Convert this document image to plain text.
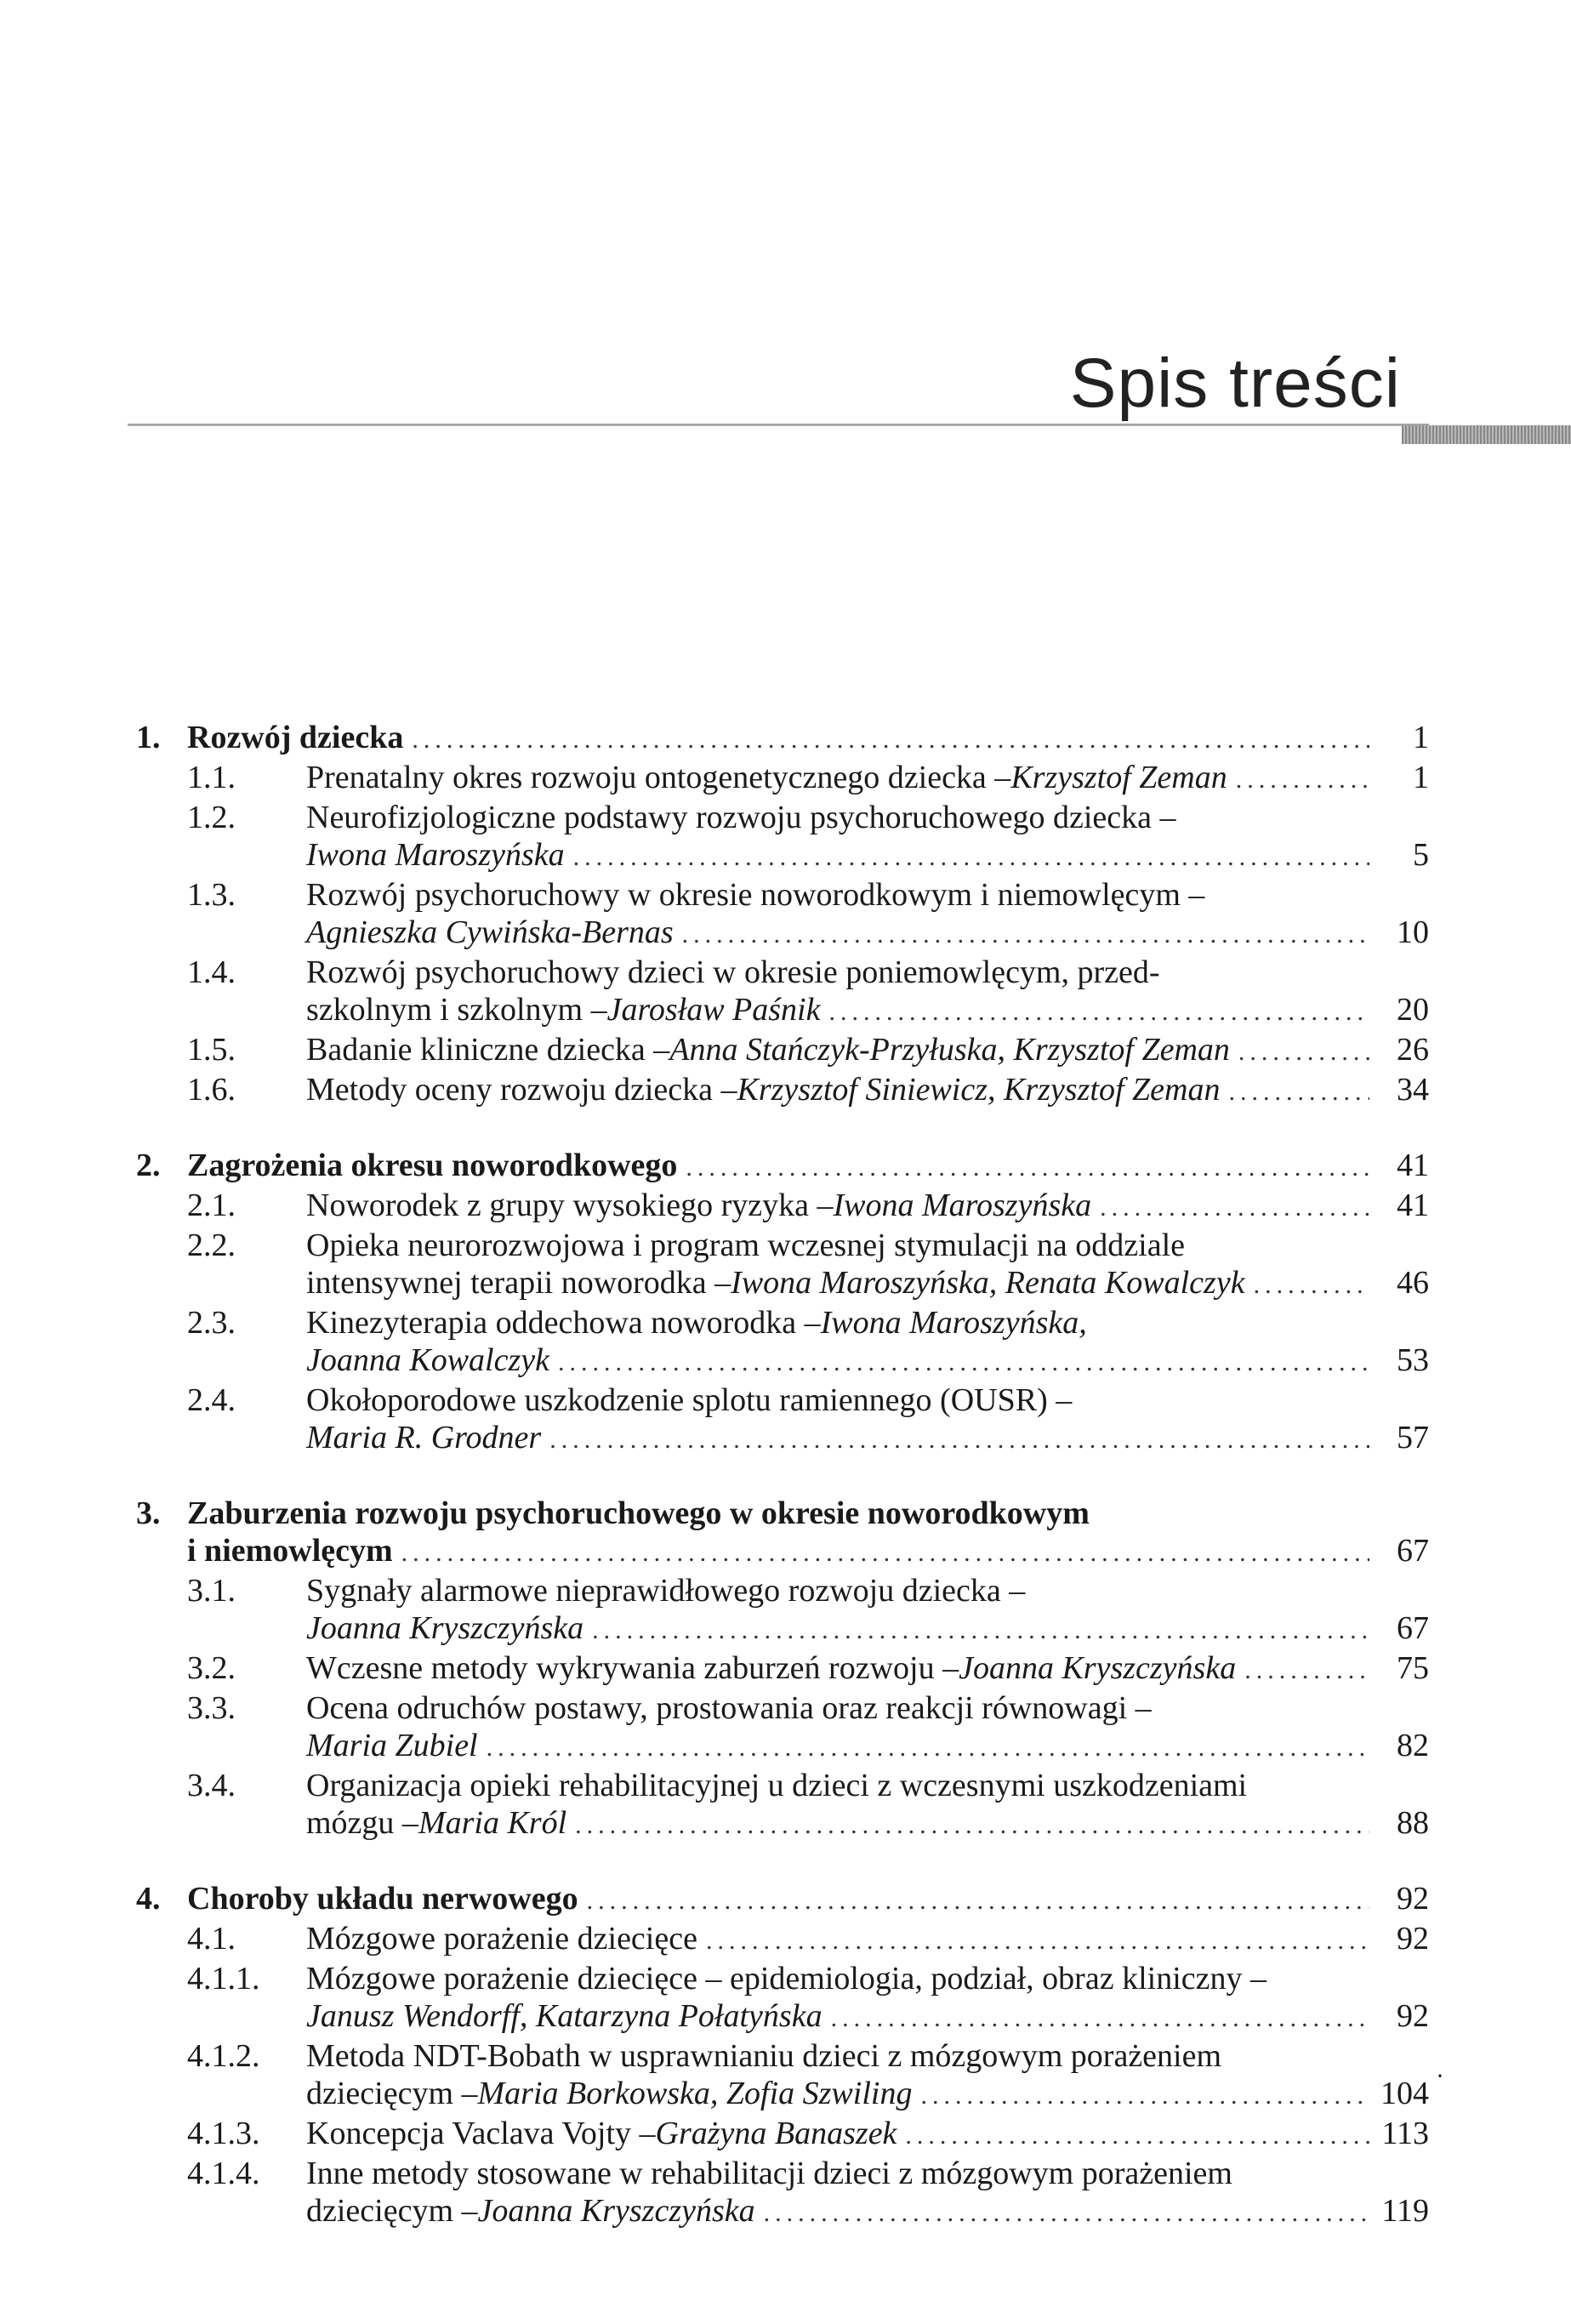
Spis treści
1. Rozwój dziecka .....	1
1.1.	Prenatalny okres rozwoju ontogenetycznego dziecka – Krzysztof Zeman .....	1
1.2.	Neurofizjologiczne podstawy rozwoju psychoruchowego dziecka –
Iwona Maroszyńska .....	5
1.3.	Rozwój psychoruchowy w okresie noworodkowym i niemowlęcym –
Agnieszka Cywińska-Bernas .....	10
1.4.	Rozwój psychoruchowy dzieci w okresie poniemowlęcym, przed-
szkolnym i szkolnym – Jarosław Paśnik .....	20
1.5.	Badanie kliniczne dziecka – Anna Stańczyk-Przyłuska, Krzysztof Zeman .....	26
1.6.	Metody oceny rozwoju dziecka – Krzysztof Siniewicz, Krzysztof Zeman .....	34
2. Zagrożenia okresu noworodkowego .....	41
2.1.	Noworodek z grupy wysokiego ryzyka – Iwona Maroszyńska .....	41
2.2.	Opieka neurorozwojowa i program wczesnej stymulacji na oddziale
intensywnej terapii noworodka – Iwona Maroszyńska, Renata Kowalczyk .....	46
2.3.	Kinezyterapia oddechowa noworodka – Iwona Maroszyńska,
Joanna Kowalczyk .....	53
2.4.	Okołoporodowe uszkodzenie splotu ramiennego (OUSR) –
Maria R. Grodner .....	57
3. Zaburzenia rozwoju psychoruchowego w okresie noworodkowym
i niemowlęcym .....	67
3.1.	Sygnały alarmowe nieprawidłowego rozwoju dziecka –
Joanna Kryszczyńska .....	67
3.2.	Wczesne metody wykrywania zaburzeń rozwoju – Joanna Kryszczyńska .....	75
3.3.	Ocena odruchów postawy, prostowania oraz reakcji równowagi –
Maria Zubiel .....	82
3.4.	Organizacja opieki rehabilitacyjnej u dzieci z wczesnymi uszkodzeniami
mózgu – Maria Król .....	88
4. Choroby układu nerwowego .....	92
4.1.	Mózgowe porażenie dziecięce .....	92
4.1.1.	Mózgowe porażenie dziecięce – epidemiologia, podział, obraz kliniczny –
Janusz Wendorff, Katarzyna Połatyńska .....	92
4.1.2.	Metoda NDT-Bobath w usprawnianiu dzieci z mózgowym porażeniem
dziecięcym – Maria Borkowska, Zofia Szwiling .....	104
4.1.3.	Koncepcja Vaclava Vojty – Grażyna Banaszek .....	113
4.1.4.	Inne metody stosowane w rehabilitacji dzieci z mózgowym porażeniem
dziecięcym – Joanna Kryszczyńska .....	119
·
